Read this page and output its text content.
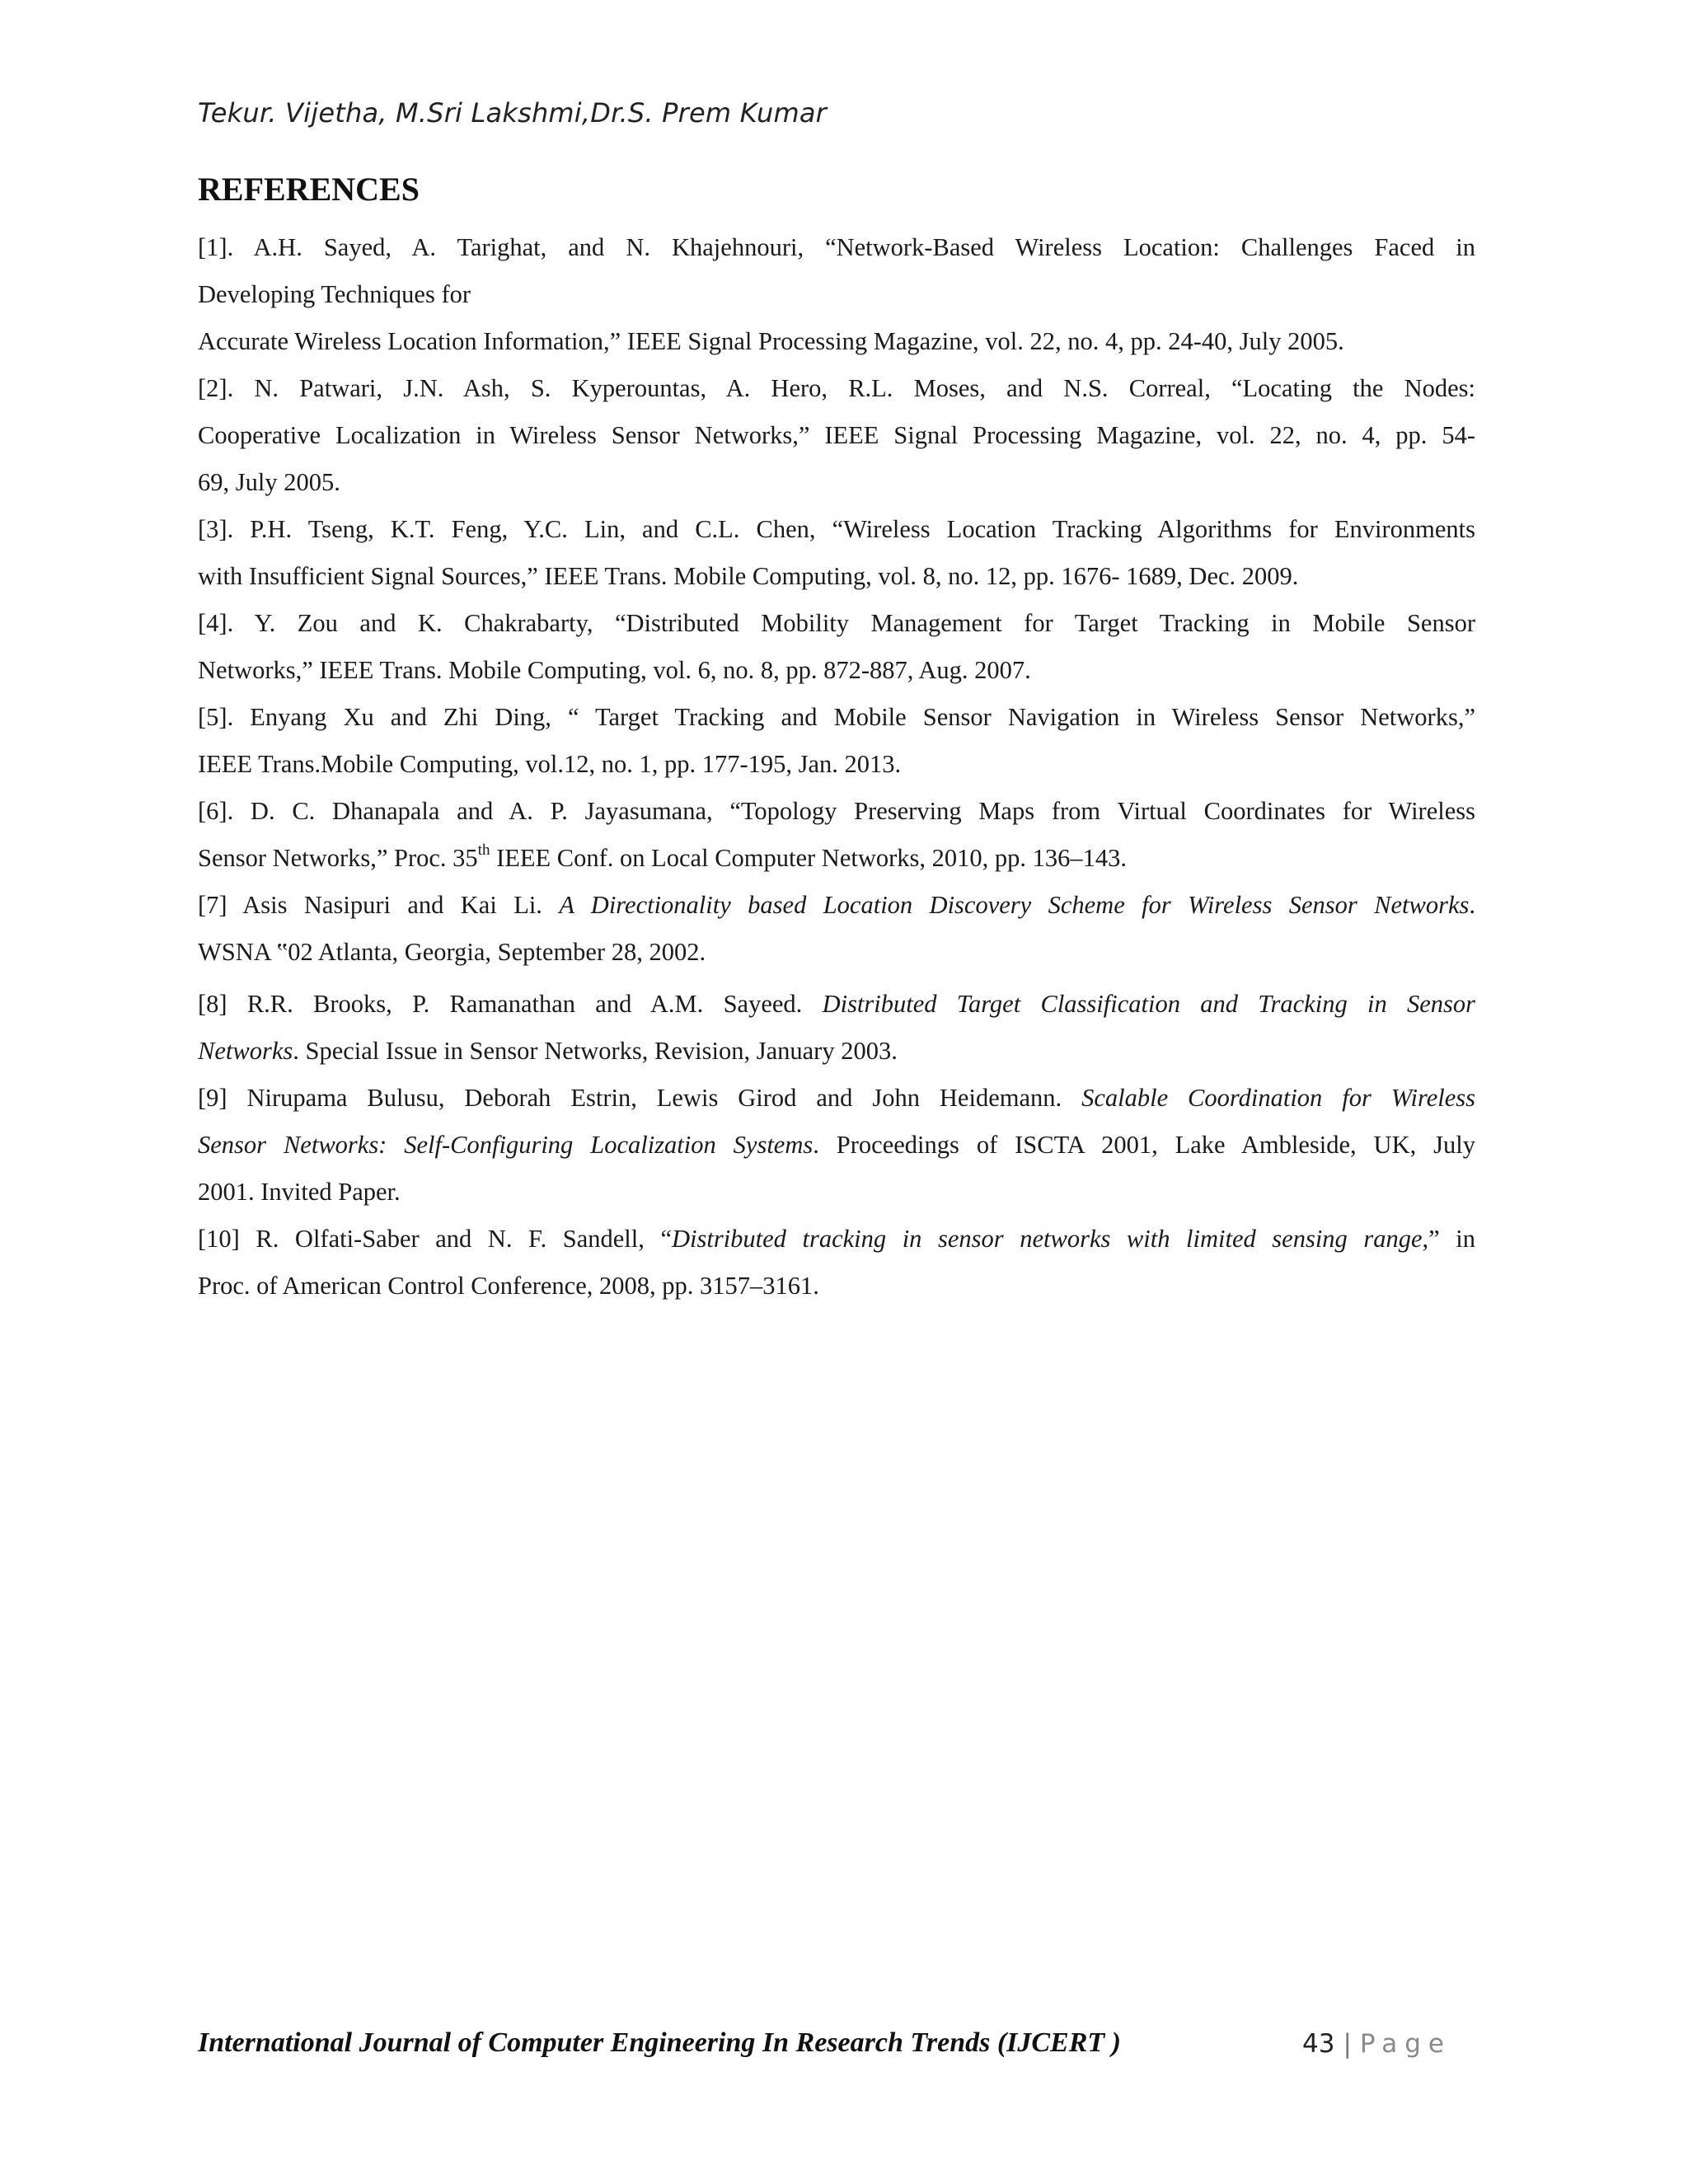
Tekur. Vijetha, M.Sri Lakshmi,Dr.S. Prem Kumar
REFERENCES

[1]. A.H. Sayed, A. Tarighat, and N. Khajehnouri, “Network-Based Wireless Location: Challenges Faced in
Developing Techniques for
Accurate Wireless Location Information,” IEEE Signal Processing Magazine, vol. 22, no. 4, pp. 24-40, July 2005.

[2]. N. Patwari, J.N. Ash, S. Kyperountas, A. Hero, R.L. Moses, and N.S. Correal, “Locating the Nodes:
Cooperative Localization in Wireless Sensor Networks,” IEEE Signal Processing Magazine, vol. 22, no. 4, pp. 54-
69, July 2005.

[3]. P.H. Tseng, K.T. Feng, Y.C. Lin, and C.L. Chen, “Wireless Location Tracking Algorithms for Environments
with Insufficient Signal Sources,” IEEE Trans. Mobile Computing, vol. 8, no. 12, pp. 1676- 1689, Dec. 2009.

[4]. Y. Zou and K. Chakrabarty, “Distributed Mobility Management for Target Tracking in Mobile Sensor
Networks,” IEEE Trans. Mobile Computing, vol. 6, no. 8, pp. 872-887, Aug. 2007.

[5]. Enyang Xu and Zhi Ding, “ Target Tracking and Mobile Sensor Navigation in Wireless Sensor Networks,”
IEEE Trans.Mobile Computing, vol.12, no. 1, pp. 177-195, Jan. 2013.

[6]. D. C. Dhanapala and A. P. Jayasumana, “Topology Preserving Maps from Virtual Coordinates for Wireless
Sensor Networks,” Proc. 35th IEEE Conf. on Local Computer Networks, 2010, pp. 136–143.

[7] Asis Nasipuri and Kai Li. A Directionality based Location Discovery Scheme for Wireless Sensor Networks.
WSNA ‟02 Atlanta, Georgia, September 28, 2002.

[8] R.R. Brooks, P. Ramanathan and A.M. Sayeed. Distributed Target Classification and Tracking in Sensor
Networks. Special Issue in Sensor Networks, Revision, January 2003.

[9] Nirupama Bulusu, Deborah Estrin, Lewis Girod and John Heidemann. Scalable Coordination for Wireless
Sensor Networks: Self-Configuring Localization Systems. Proceedings of ISCTA 2001, Lake Ambleside, UK, July
2001. Invited Paper.

[10] R. Olfati-Saber and N. F. Sandell, “Distributed tracking in sensor networks with limited sensing range,” in
Proc. of American Control Conference, 2008, pp. 3157–3161.

International Journal of Computer Engineering In Research Trends (IJCERT )	43 | Page
